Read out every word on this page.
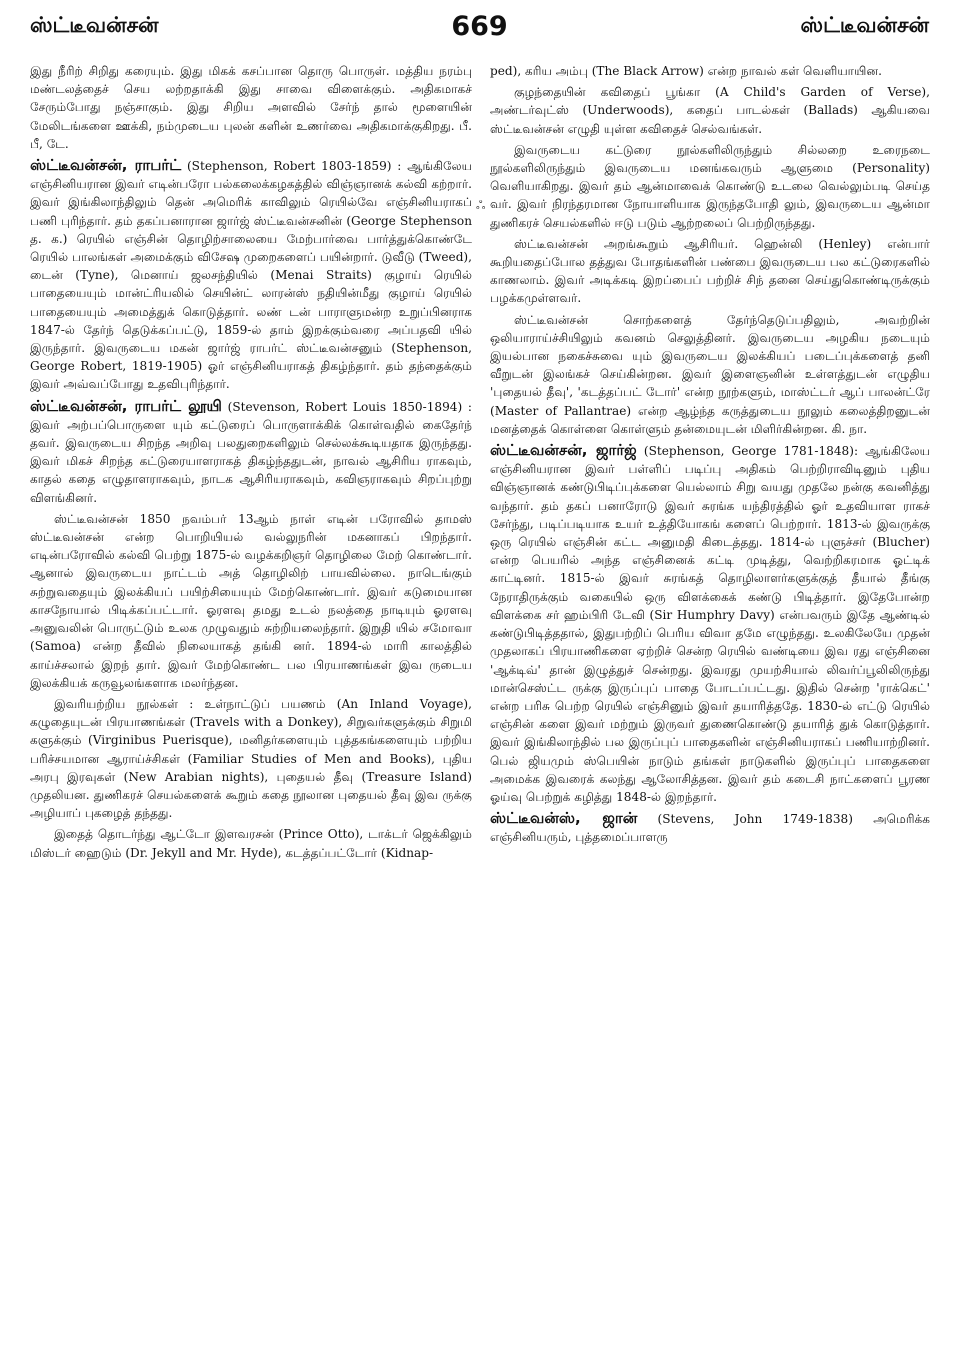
ஸ்ட்டீவன்சன்	669	ஸ்ட்டீவன்சன்
ஃ

இது நீரிற் சிறிது கரையும். இது மிகக் கசப்பான தொரு பொருள். மத்திய நரம்பு மண்டலத்தைச் செய லற்றதாக்கி இது சாவை விளைக்கும். அதிகமாகச் சேரும்போது நஞ்சாகும். இது சிறிய அளவில் சேர்ந் தால் மூளையின் மேலிடங்களை ஊக்கி, நம்முடைய புலன் களின் உணர்வை அதிகமாக்குகிறது. பீ. பீ, டே.

ஸ்ட்டீவன்சன், ராபர்ட் (Stephenson, Robert 1803-1859) : ஆங்கிலேய எஞ்சினியரான இவர் எடின்பரோ பல்கலைக்கழகத்தில் விஞ்ஞானக் கல்வி கற்றார். இவர் இங்கிலாந்திலும் தென் அமெரிக் காவிலும் ரெயில்வே எஞ்சினியராகப் பணி புரிந்தார். தம் தகப்பனாரான ஜார்ஜ் ஸ்ட்டீவன்சனின் (George Stephenson த. க.) ரெயில் எஞ்சின் தொழிற்சாலையை மேற்பார்வை பார்த்துக்கொண்டே ரெயில் பாலங்கள் அமைக்கும் விசேஷ முறைகளைப் பயின்றார். டுவீடு (Tweed), டைன் (Tyne), மெனாய் ஜலசந்தியில் (Menai Straits) குழாய் ரெயில் பாதையையும் மான்ட்ரியலில் செயின்ட் லாரன்ஸ் நதியின்மீது குழாய் ரெயில் பாதையையும் அமைத்துக் கொடுத்தார். லண் டன் பாராளுமன்ற உறுப்பினராக 1847-ல் தேர்ந் தெடுக்கப்பட்டு, 1859-ல் தாம் இறக்கும்வரை அப்பதவி யில் இருந்தார். இவருடைய மகன் ஜார்ஜ் ராபர்ட் ஸ்ட்டீவன்சனும் (Stephenson, George Robert, 1819-1905) ஓர் எஞ்சினியராகத் திகழ்ந்தார். தம் தந்தைக்கும் இவர் அவ்வப்போது உதவிபுரிந்தார்.

ஸ்ட்டீவன்சன், ராபர்ட் லூயி (Stevenson, Robert Louis 1850-1894) : இவர் அற்பப்பொருளை யும் கட்டுரைப் பொருளாக்கிக் கொள்வதில் கைதேர்ந் தவர். இவருடைய சிறந்த அறிவு பலதுறைகளிலும் செல்லக்கூடியதாக இருந்தது. இவர் மிகச் சிறந்த கட்டுரையாளராகத் திகழ்ந்ததுடன், நாவல் ஆசிரிய ராகவும், காதல் கதை எழுதாளராகவும், நாடக ஆசிரியராகவும், கவிஞராகவும் சிறப்புற்று விளங்கினர்.

ஸ்ட்டீவன்சன் 1850 நவம்பர் 13ஆம் நாள் எடின் பரோவில் தாமஸ் ஸ்ட்டீவன்சன் என்ற பொறியியல் வல்லுநரின் மகனாகப் பிறந்தார். எடின்பரோவில் கல்வி பெற்று 1875-ல் வழக்கறிஞர் தொழிலை மேற் கொண்டார். ஆனால் இவருடைய நாட்டம் அத் தொழிலிற் பாயவில்லை. நாடெங்கும் சுற்றுவதையும் இலக்கியப் பயிற்சியையும் மேற்கொண்டார். இவர் கடுமையான காசநோயால் பிடிக்கப்பட்டார். ஓரளவு தமது உடல் நலத்தை நாடியும் ஓரளவு அனுவலின் பொருட்டும் உலக முழுவதும் சுற்றியலைந்தார். இறுதி யில் சமோவா (Samoa) என்ற தீவில் நிலையாகத் தங்கி னர். 1894-ல் மாரி காலத்தில் காய்ச்சலால் இறந் தார். இவர் மேற்கொண்ட பல பிரயாணங்கள் இவ ருடைய இலக்கியக் கருவூலங்களாக மலர்ந்தன.

இவரியற்றிய நூல்கள் : உள்நாட்டுப் பயணம் (An Inland Voyage), கழுதையுடன் பிரயாணங்கள் (Travels with a Donkey), சிறுவர்களுக்கும் சிறுமி களுக்கும் (Virginibus Puerisque), மனிதர்களையும் புத்தகங்களையும் பற்றிய பரிச்சயமான ஆராய்ச்சிகள் (Familiar Studies of Men and Books), புதிய அரபு இரவுகள் (New Arabian nights), புதையல் தீவு (Treasure Island) முதலியன. துணிகரச் செயல்களைக் கூறும் கதை நூலான புதையல் தீவு இவ ருக்கு அழியாப் புகழைத் தந்தது.

இதைத் தொடர்ந்து ஆட்டோ இளவரசன் (Prince Otto), டாக்டர் ஜெக்கிலும் மிஸ்டர் ஹைடும் (Dr. Jekyll and Mr. Hyde), கடத்தப்பட்டோர் (Kidnap-

ped), கரிய அம்பு (The Black Arrow) என்ற நாவல் கள் வெளியாயின.

குழந்தையின் கவிதைப் பூங்கா (A Child's Garden of Verse), அண்டர்வுட்ஸ் (Underwoods), கதைப் பாடல்கள் (Ballads) ஆகியவை ஸ்ட்டீவன்சன் எழுதி யுள்ள கவிதைச் செல்வங்கள்.

இவருடைய கட்டுரை நூல்களிலிருந்தும் சில்லறை உரைநடை நூல்களிலிருந்தும் இவருடைய மனங்கவரும் ஆளுமை (Personality) வெளியாகிறது. இவர் தம் ஆன்மாவைக் கொண்டு உடலை வெல்லும்படி செய்த வர். இவர் நிரந்தரமான நோயாளியாக இருந்தபோதி லும், இவருடைய ஆன்மா துணிகரச் செயல்களில் ஈடு படும் ஆற்றலைப் பெற்றிருந்தது.

ஸ்ட்டீவன்சன் அறங்கூறும் ஆசிரியர். ஹென்லி (Henley) என்பார் கூறியதைப்போல தத்துவ போதங்களின் பண்பை இவருடைய பல கட்டுரைகளில் காணலாம். இவர் அடிக்கடி இறப்பைப் பற்றிச் சிந் தனை செய்துகொண்டிருக்கும் பழக்கமுள்ளவர்.

ஸ்ட்டீவன்சன் சொற்களைத் தேர்ந்தெடுப்பதிலும், அவற்றின் ஒலியாராய்ச்சியிலும் கவனம் செலுத்தினர். இவருடைய அழகிய நடையும் இயல்பான நகைச்சுவை யும் இவருடைய இலக்கியப் படைப்புக்களைத் தனி வீறுடன் இலங்கச் செய்கின்றன. இவர் இளைஞனின் உள்ளத்துடன் எழுதிய 'புதையல் தீவு', 'கடத்தப்பட் டோர்' என்ற நூற்களும், மாஸ்ட்டர் ஆப் பாலன்ட்ரே (Master of Pallantrae) என்ற ஆழ்ந்த கருத்துடைய நூலும் கலைத்திறனுடன் மனத்தைக் கொள்ளை கொள்ளும் தன்மையுடன் மிளிர்கின்றன. கி. நா.

ஸ்ட்டீவன்சன், ஜார்ஜ் (Stephenson, George 1781-1848): ஆங்கிலேய எஞ்சினியரான இவர் பள்ளிப் படிப்பு அதிகம் பெற்றிராவிடினும் புதிய விஞ்ஞானக் கண்டுபிடிப்புக்களை யெல்லாம் சிறு வயது முதலே நன்கு கவனித்து வந்தார். தம் தகப் பனாரோடு இவர் சுரங்க யந்திரத்தில் ஓர் உதவியாள ராகச் சேர்ந்து, படிப்படியாக உயர் உத்தியோகங் களைப் பெற்றார். 1813-ல் இவருக்கு ஒரு ரெயில் எஞ்சின் கட்ட அனுமதி கிடைத்தது. 1814-ல் புளுச்சர் (Blucher) என்ற பெயரில் அந்த எஞ்சினைக் கட்டி முடித்து, வெற்றிகரமாக ஓட்டிக் காட்டினர். 1815-ல் இவர் சுரங்கத் தொழிலாளர்களுக்குத் தீயால் தீங்கு நேராதிருக்கும் வகையில் ஒரு விளக்கைக் கண்டு பிடித்தார். இதேபோன்ற விளக்கை சர் ஹம்பிரி டேவி (Sir Humphry Davy) என்பவரும் இதே ஆண்டில் கண்டுபிடித்ததால், இதுபற்றிப் பெரிய விவா தமே எழுந்தது. உலகிலேயே முதன் முதலாகப் பிரயாணிகளை ஏற்றிச் சென்ற ரெயில் வண்டியை இவ ரது எஞ்சினை 'ஆக்டிவ்' தான் இழுத்துச் சென்றது. இவரது முயற்சியால் லிவர்ப்பூலிலிருந்து மான்செஸ்ட்ட ருக்கு இருப்புப் பாதை போடப்பட்டது. இதில் சென்ற 'ராக்கெட்' என்ற பரிசு பெற்ற ரெயில் எஞ்சினும் இவர் தயாரித்ததே. 1830-ல் எட்டு ரெயில் எஞ்சின் களை இவர் மற்றும் இருவர் துணைகொண்டு தயாரித் துக் கொடுத்தார். இவர் இங்கிலாந்தில் பல இருப்புப் பாதைகளின் எஞ்சினியராகப் பணியாற்றினர். பெல் ஜியமும் ஸ்பெயின் நாடும் தங்கள் நாடுகளில் இருப்புப் பாதைகளை அமைக்க இவரைக் கலந்து ஆலோசித்தன. இவர் தம் கடைசி நாட்களைப் பூரண ஓய்வு பெற்றுக் கழித்து 1848-ல் இறந்தார்.

ஸ்ட்டீவன்ஸ், ஜான் (Stevens, John 1749-1838) அமெரிக்க எஞ்சினியரும், புத்தமைப்பாளரு
